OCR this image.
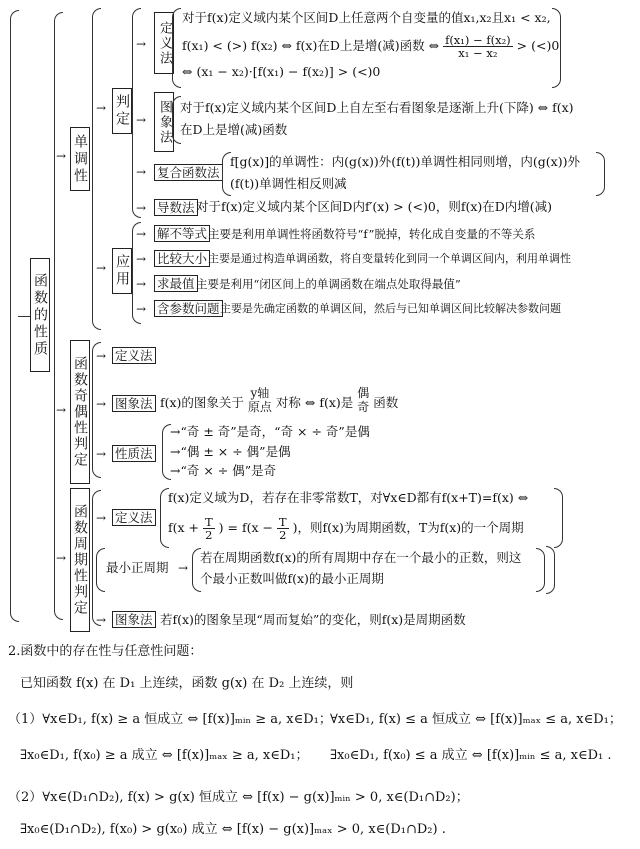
函数的性质
→ 单调性
→ 判定
→ 定义法
对于f(x)定义域内某个区间D上任意两个自变量的值x₁,x₂且x₁ < x₂,
f(x₁) < (>) f(x₂) ⇔ f(x)在D上是增(减)函数 ⇔ $\frac{\text{f(x₁) − f(x₂)}}{\text{x₁ − x₂}} > (<)0$
⇔ (x₁ − x₂)·[f(x₁) − f(x₂)] > (<)0
→ 图象法 对于f(x)定义域内某个区间D上自左至右看图象是逐渐上升(下降) ⇔ f(x)
在D上是增(减)函数
→ 复合函数法
f[g(x)]的单调性：内(g(x))外(f(t))单调性相同则增，内(g(x))外
(f(t))单调性相反则减
→ 导数法 对于f(x)定义域内某个区间D内f′(x) > (<)0，则f(x)在D内增(减)
→ 应用
→ 解不等式 主要是利用单调性将函数符号“f”脱掉，转化成自变量的不等关系
→ 比较大小 主要是通过构造单调函数，将自变量转化到同一个单调区间内，利用单调性
→ 求最值 主要是利用“闭区间上的单调函数在端点处取得最值”
→ 含参数问题 主要是先确定函数的单调区间，然后与已知单调区间比较解决参数问题
→ 函数奇偶性判定 → 定义法
→ 图象法 f(x)的图象关于
y轴
原点 对称 ⇔ f(x)是
偶
奇 函数
→ 性质法
→“奇 ± 奇”是奇，“奇 × ÷ 奇”是偶
→“偶 ± × ÷ 偶”是偶
→“奇 × ÷ 偶”是奇
→ 函数周期性判定 → 定义法
f(x)定义域为D，若存在非零常数T，对∀x∈D都有f(x+T)=f(x) ⇔
$f(x + \frac{T}{2}$ ) = $f(x - \frac{T}{2}$ )，则f(x)为周期函数，T为f(x)的一个周期
最小正周期 →
若在周期函数f(x)的所有周期中存在一个最小的正数，则这
个最小正数叫做f(x)的最小正周期
→ 图象法 若f(x)的图象呈现“周而复始”的变化，则f(x)是周期函数
2.函数中的存在性与任意性问题：
已知函数 f(x) 在 D₁ 上连续，函数 g(x) 在 D₂ 上连续，则
（1）∀x∈D₁, f(x) ≥ a 恒成立 ⇔ [f(x)]ₘᵢₙ ≥ a, x∈D₁；
∀x∈D₁, f(x) ≤ a 恒成立 ⇔ [f(x)]ₘₐₓ ≤ a, x∈D₁；
∃x₀∈D₁, f(x₀) ≥ a 成立 ⇔ [f(x)]ₘₐₓ ≥ a, x∈D₁； ∃x₀∈D₁, f(x₀) ≤ a 成立 ⇔ [f(x)]ₘᵢₙ ≤ a, x∈D₁ .
（2）∀x∈(D₁∩D₂), f(x) > g(x) 恒成立 ⇔ [f(x) − g(x)]ₘᵢₙ > 0, x∈(D₁∩D₂)；
∃x₀∈(D₁∩D₂), f(x₀) > g(x₀) 成立 ⇔ [f(x) − g(x)]ₘₐₓ > 0, x∈(D₁∩D₂) .
